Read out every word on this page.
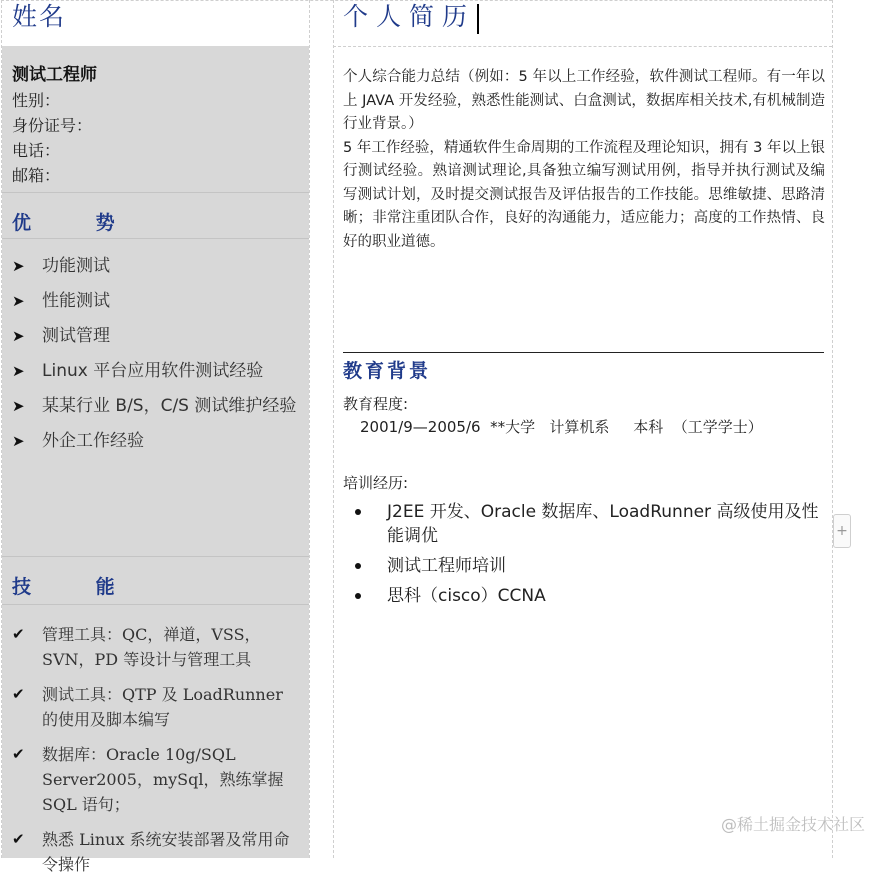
姓名	个人简历
测试工程师
性别：
身份证号：
电话：
邮箱：
优	势
➤ 功能测试
➤ 性能测试
➤ 测试管理
➤ Linux 平台应用软件测试经验
➤ 某某行业 B/S，C/S 测试维护经验
➤ 外企工作经验
技	能
✔ 管理工具：QC，禅道，VSS，SVN，PD 等设计与管理工具
✔ 测试工具：QTP 及 LoadRunner 的使用及脚本编写
✔ 数据库：Oracle 10g/SQL Server2005，mySql，熟练掌握 SQL 语句；
✔ 熟悉 Linux 系统安装部署及常用命令操作

个人综合能力总结（例如：5 年以上工作经验，软件测试工程师。有一年以上 JAVA 开发经验，熟悉性能测试、白盒测试，数据库相关技术,有机械制造行业背景。）

5 年工作经验，精通软件生命周期的工作流程及理论知识，拥有 3 年以上银行测试经验。熟谙测试理论,具备独立编写测试用例，指导并执行测试及编写测试计划，及时提交测试报告及评估报告的工作技能。思维敏捷、思路清晰；非常注重团队合作，良好的沟通能力，适应能力；高度的工作热情、良好的职业道德。

教育背景
教育程度:
2001/9—2005/6  **大学   计算机系     本科  （工学学士）
培训经历:
J2EE 开发、Oracle 数据库、LoadRunner 高级使用及性能调优
测试工程师培训
思科（cisco）CCNA
+
@稀土掘金技术社区
